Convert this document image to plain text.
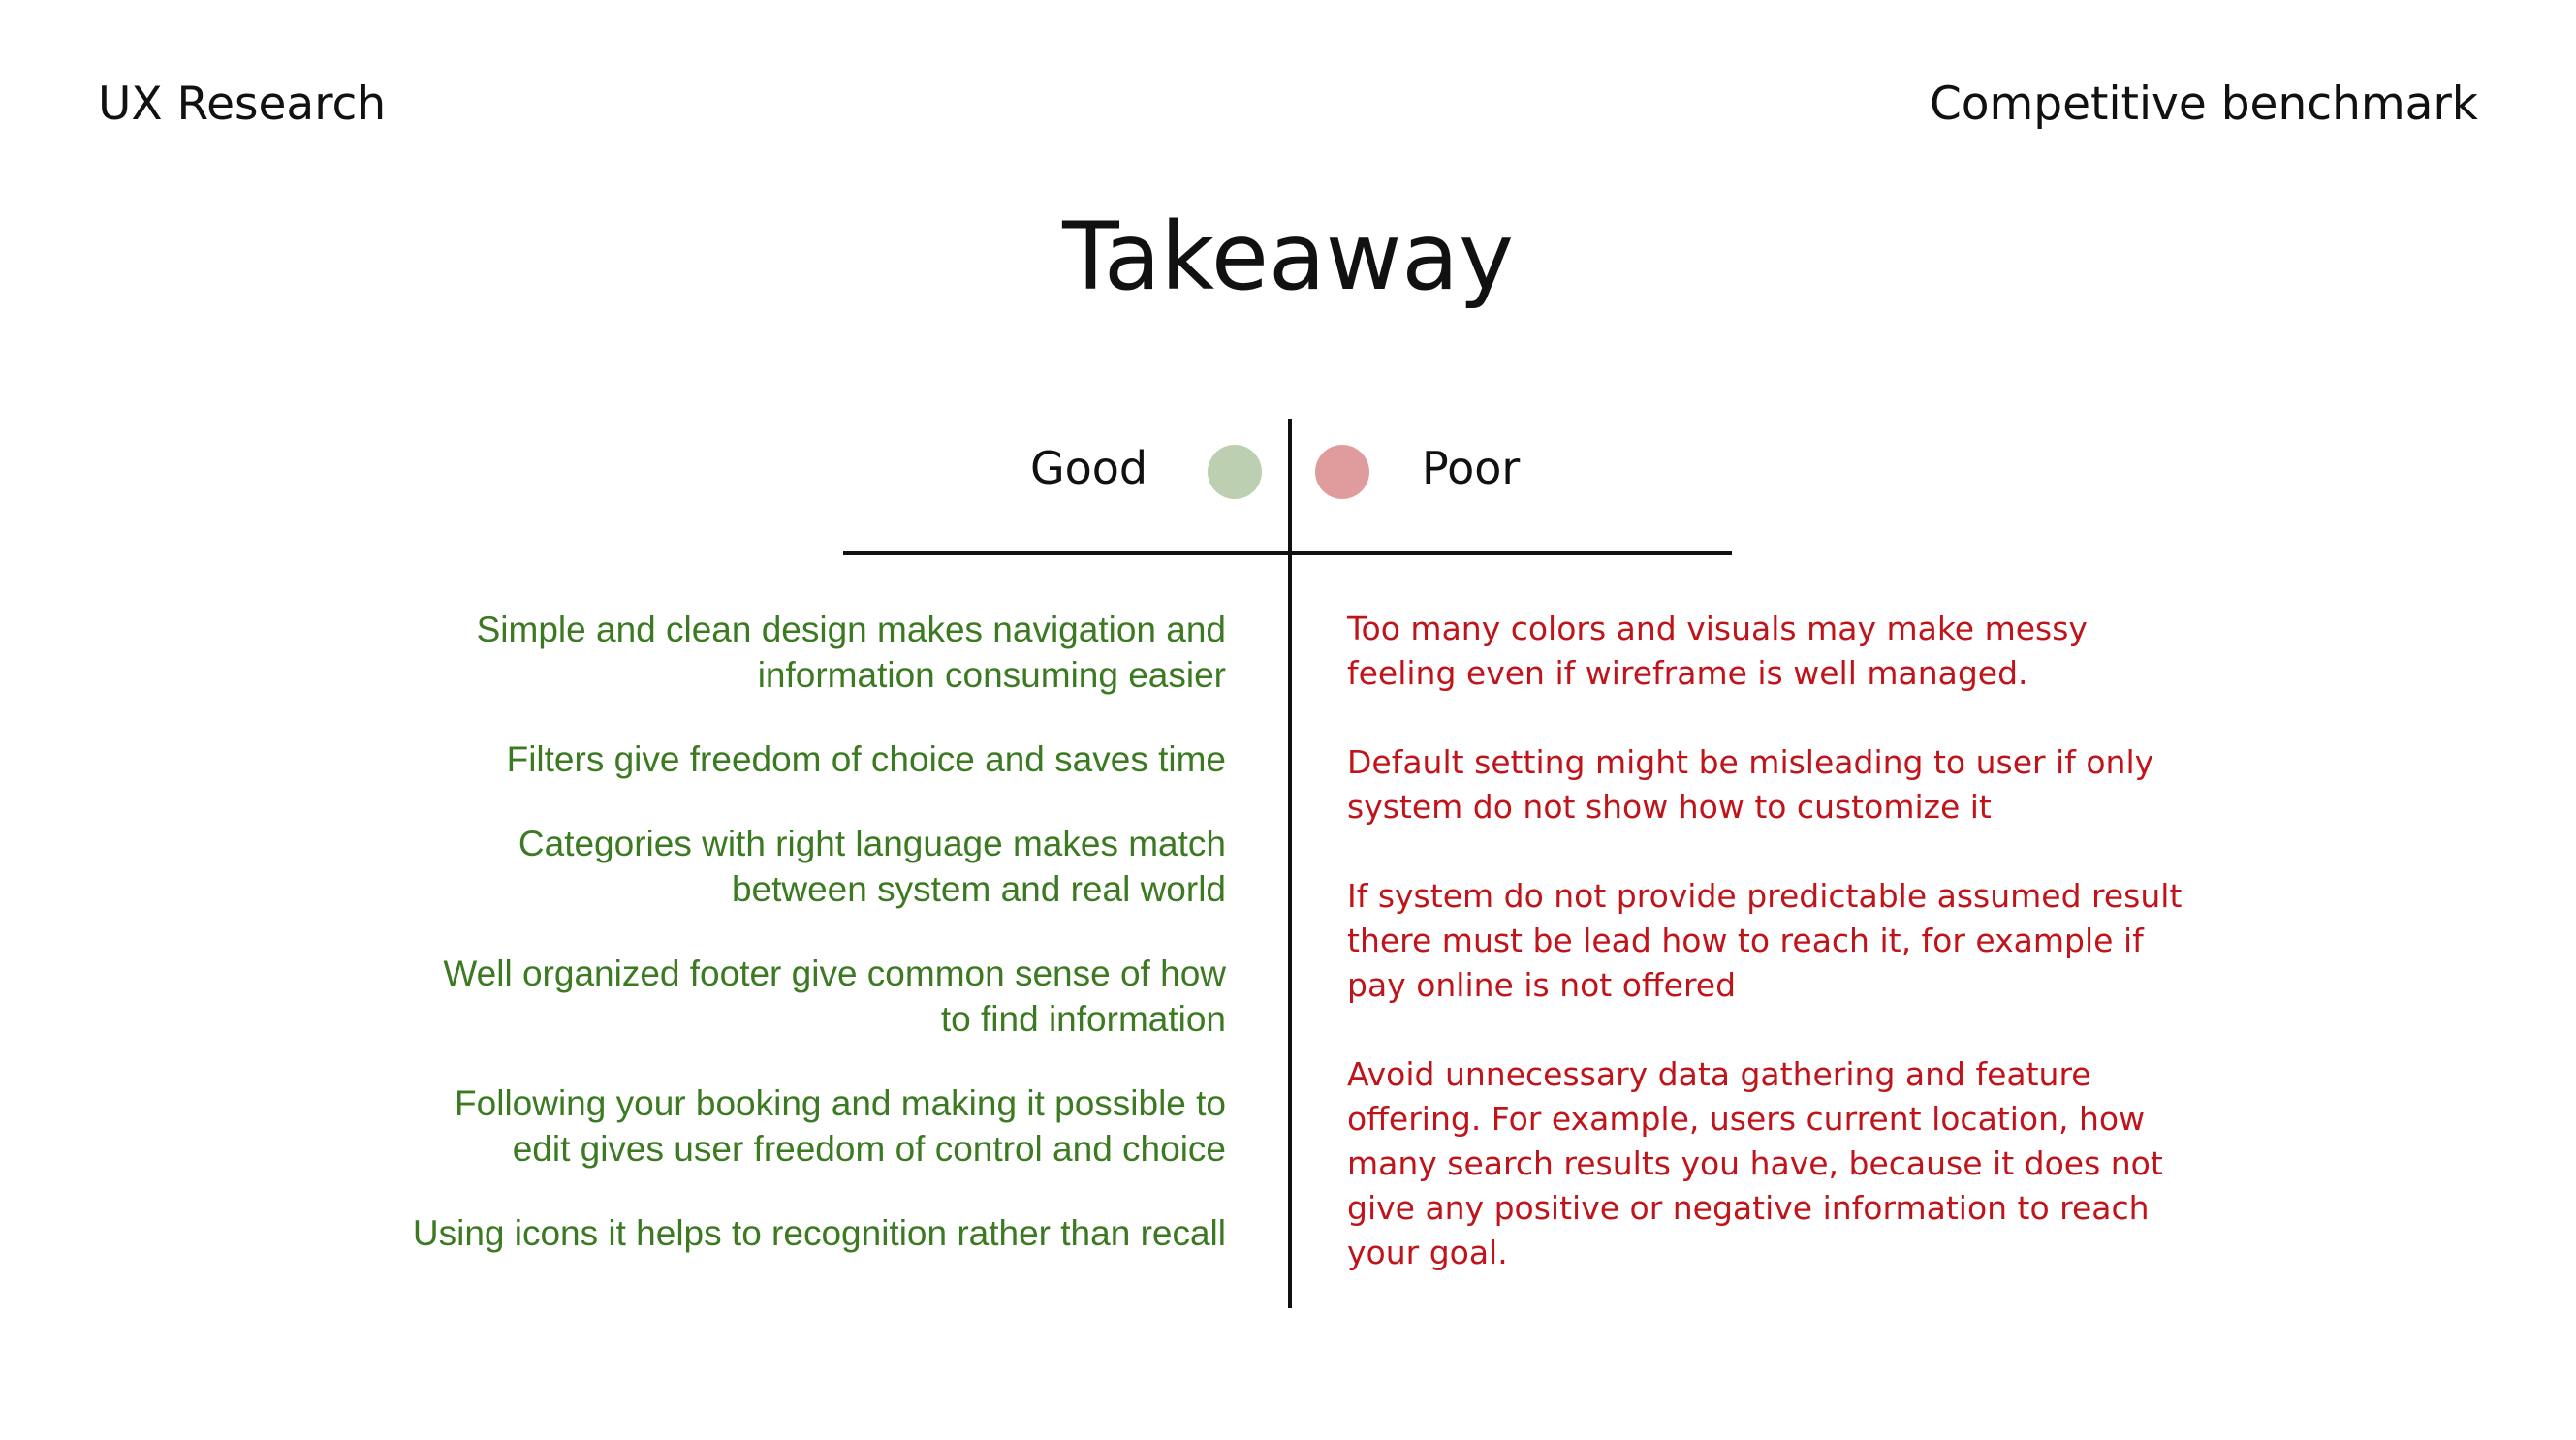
UX Research	Competitive benchmark
Takeaway
Good	Poor
Simple and clean design makes navigation and
information consuming easier
Filters give freedom of choice and saves time
Categories with right language makes match
between system and real world
Well organized footer give common sense of how
to find information
Following your booking and making it possible to
edit gives user freedom of control and choice
Using icons it helps to recognition rather than recall
Too many colors and visuals may make messy
feeling even if wireframe is well managed.
Default setting might be misleading to user if only
system do not show how to customize it
If system do not provide predictable assumed result
there must be lead how to reach it, for example if
pay online is not offered
Avoid unnecessary data gathering and feature
offering. For example, users current location, how
many search results you have, because it does not
give any positive or negative information to reach
your goal.
